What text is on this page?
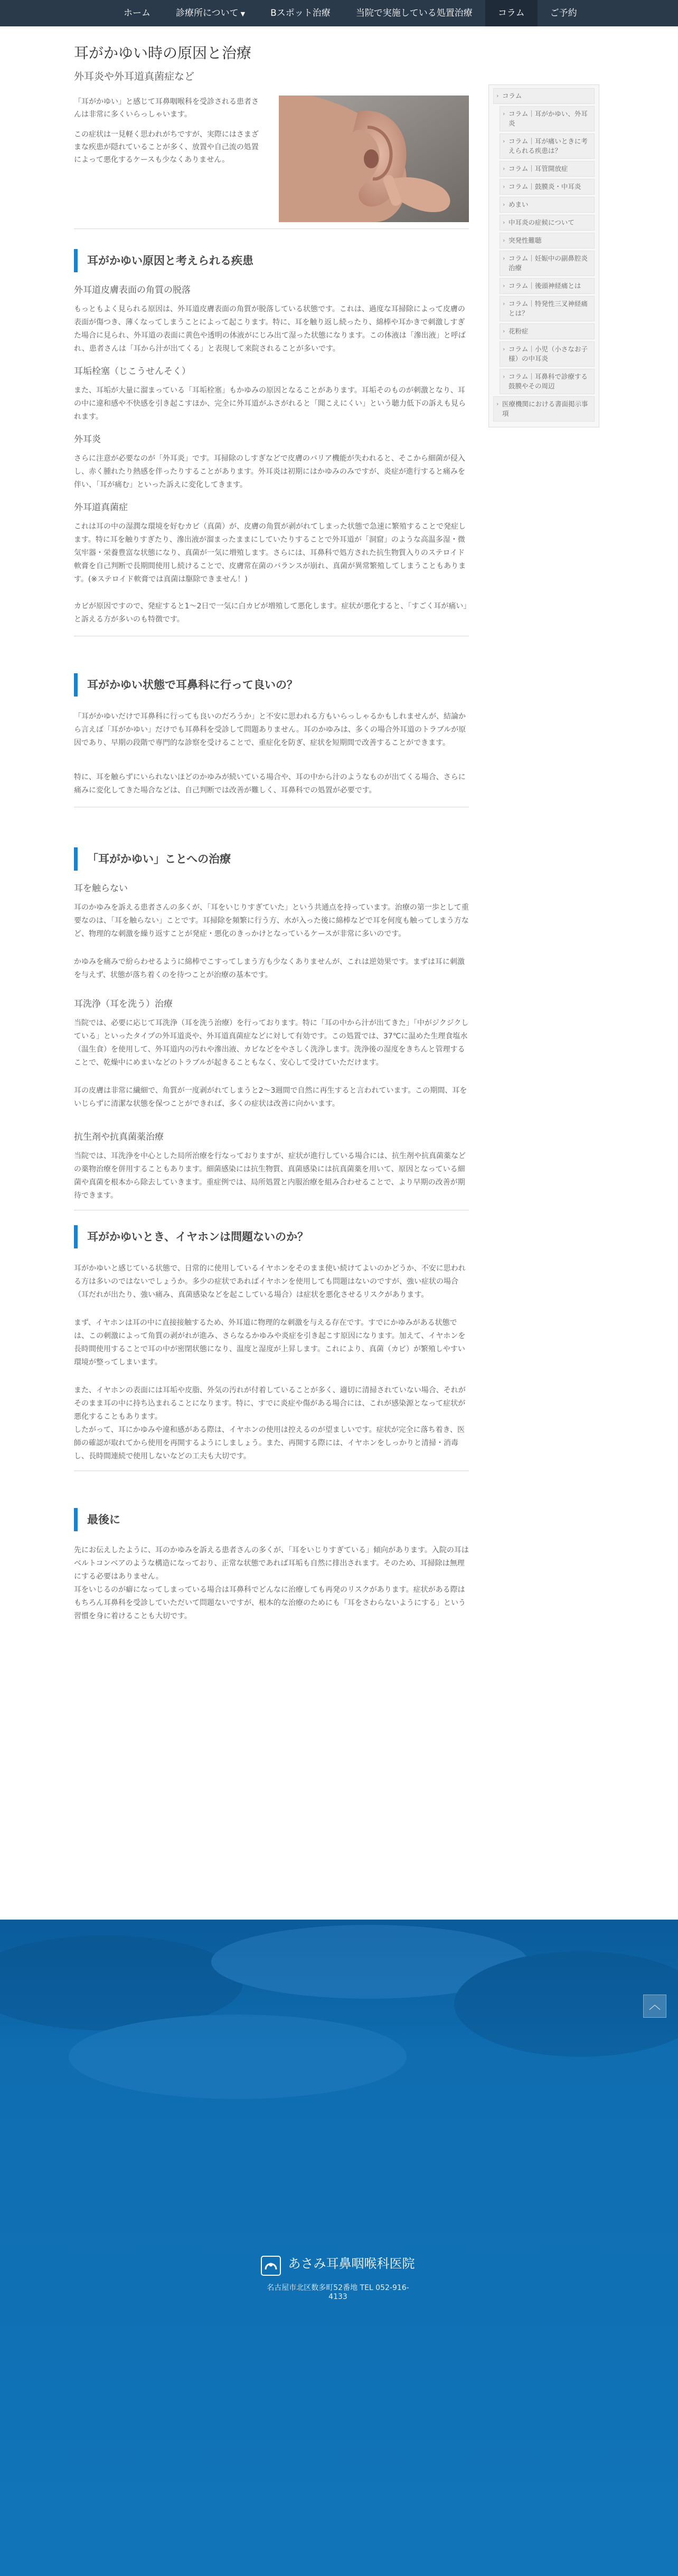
ホーム	診療所について ▼	Bスポット治療	当院で実施している処置治療	コラム	ご予約
耳がかゆい時の原因と治療
外耳炎や外耳道真菌症など

「耳がかゆい」と感じて耳鼻咽喉科を受診される患者さんは非常に多くいらっしゃいます。

この症状は一見軽く思われがちですが、実際にはさまざまな疾患が隠れていることが多く、放置や自己流の処置によって悪化するケースも少なくありません。

耳がかゆい原因と考えられる疾患
外耳道皮膚表面の角質の脱落

もっともよく見られる原因は、外耳道皮膚表面の角質が脱落している状態です。これは、過度な耳掃除によって皮膚の表面が傷つき、薄くなってしまうことによって起こります。特に、耳を触り返し続ったり、綿棒や耳かきで刺激しすぎた場合に見られ、外耳道の表面に黄色や透明の体液がにじみ出て湿った状態になります。この体液は「滲出液」と呼ばれ、患者さんは「耳から汁が出てくる」と表現して来院されることが多いです。

耳垢栓塞（じこうせんそく）

また、耳垢が大量に溜まっている「耳垢栓塞」もかゆみの原因となることがあります。耳垢そのものが刺激となり、耳の中に違和感や不快感を引き起こすほか、完全に外耳道がふさがれると「聞こえにくい」という聴力低下の訴えも見られます。

外耳炎

さらに注意が必要なのが「外耳炎」です。耳掃除のしすぎなどで皮膚のバリア機能が失われると、そこから細菌が侵入し、赤く腫れたり熱感を伴ったりすることがあります。外耳炎は初期にはかゆみのみですが、炎症が進行すると痛みを伴い、「耳が痛む」といった訴えに変化してきます。

外耳道真菌症

これは耳の中の湿潤な環境を好むカビ（真菌）が、皮膚の角質が剥がれてしまった状態で急速に繁殖することで発症します。特に耳を触りすぎたり、滲出液が溜まったままにしていたりすることで外耳道が「洞窟」のような高温多湿・微気牢器・栄養豊富な状態になり、真菌が一気に増殖します。さらには、耳鼻科で処方された抗生物質入りのステロイド軟膏を自己判断で長期間使用し続けることで、皮膚常在菌のバランスが崩れ、真菌が異常繁殖してしまうこともあります。(※ステロイド軟膏では真菌は駆除できません！)

カビが原因ですので、発症すると1～2日で一気に白カビが増殖して悪化します。症状が悪化すると、「すごく耳が痛い」と訴える方が多いのも特徴です。

耳がかゆい状態で耳鼻科に行って良いの？

「耳がかゆいだけで耳鼻科に行っても良いのだろうか」と不安に思われる方もいらっしゃるかもしれませんが、結論から言えば「耳がかゆい」だけでも耳鼻科を受診して問題ありません。耳のかゆみは、多くの場合外耳道のトラブルが原因であり、早期の段階で専門的な診察を受けることで、重症化を防ぎ、症状を短期間で改善することができます。

特に、耳を触らずにいられないほどのかゆみが続いている場合や、耳の中から汁のようなものが出てくる場合、さらに痛みに変化してきた場合などは、自己判断では改善が難しく、耳鼻科での処置が必要です。

「耳がかゆい」ことへの治療
耳を触らない

耳のかゆみを訴える患者さんの多くが、「耳をいじりすぎていた」という共通点を持っています。治療の第一歩として重要なのは、「耳を触らない」ことです。耳掃除を頻繁に行う方、水が入った後に綿棒などで耳を何度も触ってしまう方など、物理的な刺激を繰り返すことが発症・悪化のきっかけとなっているケースが非常に多いのです。

かゆみを痛みで紛らわせるように綿棒でこすってしまう方も少なくありませんが、これは逆効果です。まずは耳に刺激を与えず、状態が落ち着くのを待つことが治療の基本です。

耳洗浄（耳を洗う）治療

当院では、必要に応じて耳洗浄（耳を洗う治療）を行っております。特に「耳の中から汁が出てきた」「中がジクジクしている」といったタイプの外耳道炎や、外耳道真菌症などに対して有効です。この処置では、37℃に温めた生理食塩水（温生食）を使用して、外耳道内の汚れや滲出液、カビなどをやさしく洗浄します。洗浄後の湿度をきちんと管理することで、乾燥中にめまいなどのトラブルが起きることもなく、安心して受けていただけます。

耳の皮膚は非常に繊細で、角質が一度剥がれてしまうと2～3週間で自然に再生すると言われています。この期間、耳をいじらずに清潔な状態を保つことができれば、多くの症状は改善に向かいます。

抗生剤や抗真菌薬治療

当院では、耳洗浄を中心とした局所治療を行なっておりますが、症状が進行している場合には、抗生剤や抗真菌薬などの薬物治療を併用することもあります。細菌感染には抗生物質、真菌感染には抗真菌薬を用いて、原因となっている細菌や真菌を根本から除去していきます。重症例では、局所処置と内服治療を組み合わせることで、より早期の改善が期待できます。

耳がかゆいとき、イヤホンは問題ないのか？

耳がかゆいと感じている状態で、日常的に使用しているイヤホンをそのまま使い続けてよいのかどうか、不安に思われる方は多いのではないでしょうか。多少の症状であればイヤホンを使用しても問題はないのですが、強い症状の場合（耳だれが出たり、強い痛み、真菌感染などを起こしている場合）は症状を悪化させるリスクがあります。

まず、イヤホンは耳の中に直接接触するため、外耳道に物理的な刺激を与える存在です。すでにかゆみがある状態では、この刺激によって角質の剥がれが進み、さらなるかゆみや炎症を引き起こす原因になります。加えて、イヤホンを長時間使用することで耳の中が密閉状態になり、温度と湿度が上昇します。これにより、真菌（カビ）が繁殖しやすい環境が整ってしまいます。

また、イヤホンの表面には耳垢や皮脂、外気の汚れが付着していることが多く、適切に清掃されていない場合、それがそのまま耳の中に持ち込まれることになります。特に、すでに炎症や傷がある場合には、これが感染源となって症状が悪化することもあります。
したがって、耳にかゆみや違和感がある際は、イヤホンの使用は控えるのが望ましいです。症状が完全に落ち着き、医師の確認が取れてから使用を再開するようにしましょう。また、再開する際には、イヤホンをしっかりと清掃・消毒し、長時間連続で使用しないなどの工夫も大切です。

最後に

先にお伝えしたように、耳のかゆみを訴える患者さんの多くが、「耳をいじりすぎている」傾向があります。入院の耳はベルトコンベアのような構造になっており、正常な状態であれば耳垢も自然に排出されます。そのため、耳掃除は無理にする必要はありません。
耳をいじるのが癖になってしまっている場合は耳鼻科でどんなに治療しても再発のリスクがあります。症状がある際はもちろん耳鼻科を受診していただいて問題ないですが、根本的な治療のためにも「耳をさわらないようにする」という習慣を身に着けることも大切です。

› コラム
› コラム｜耳がかゆい、外耳炎
› コラム｜耳が痛いときに考えられる疾患は？
› コラム｜耳管開放症
› コラム｜鼓膜炎・中耳炎
› めまい
› 中耳炎の症候について
› 突発性難聴
› コラム｜妊娠中の副鼻腔炎治療
› コラム｜後頭神経痛とは
› コラム｜特発性三叉神経痛とは？
› 花粉症
› コラム｜小児（小さなお子様）の中耳炎
› コラム｜耳鼻科で診療する鼓膜やその周辺
› 医療機関における書面掲示事項
︿
あさみ耳鼻咽喉科医院
名古屋市北区数多町52番地 TEL 052-916-4133
